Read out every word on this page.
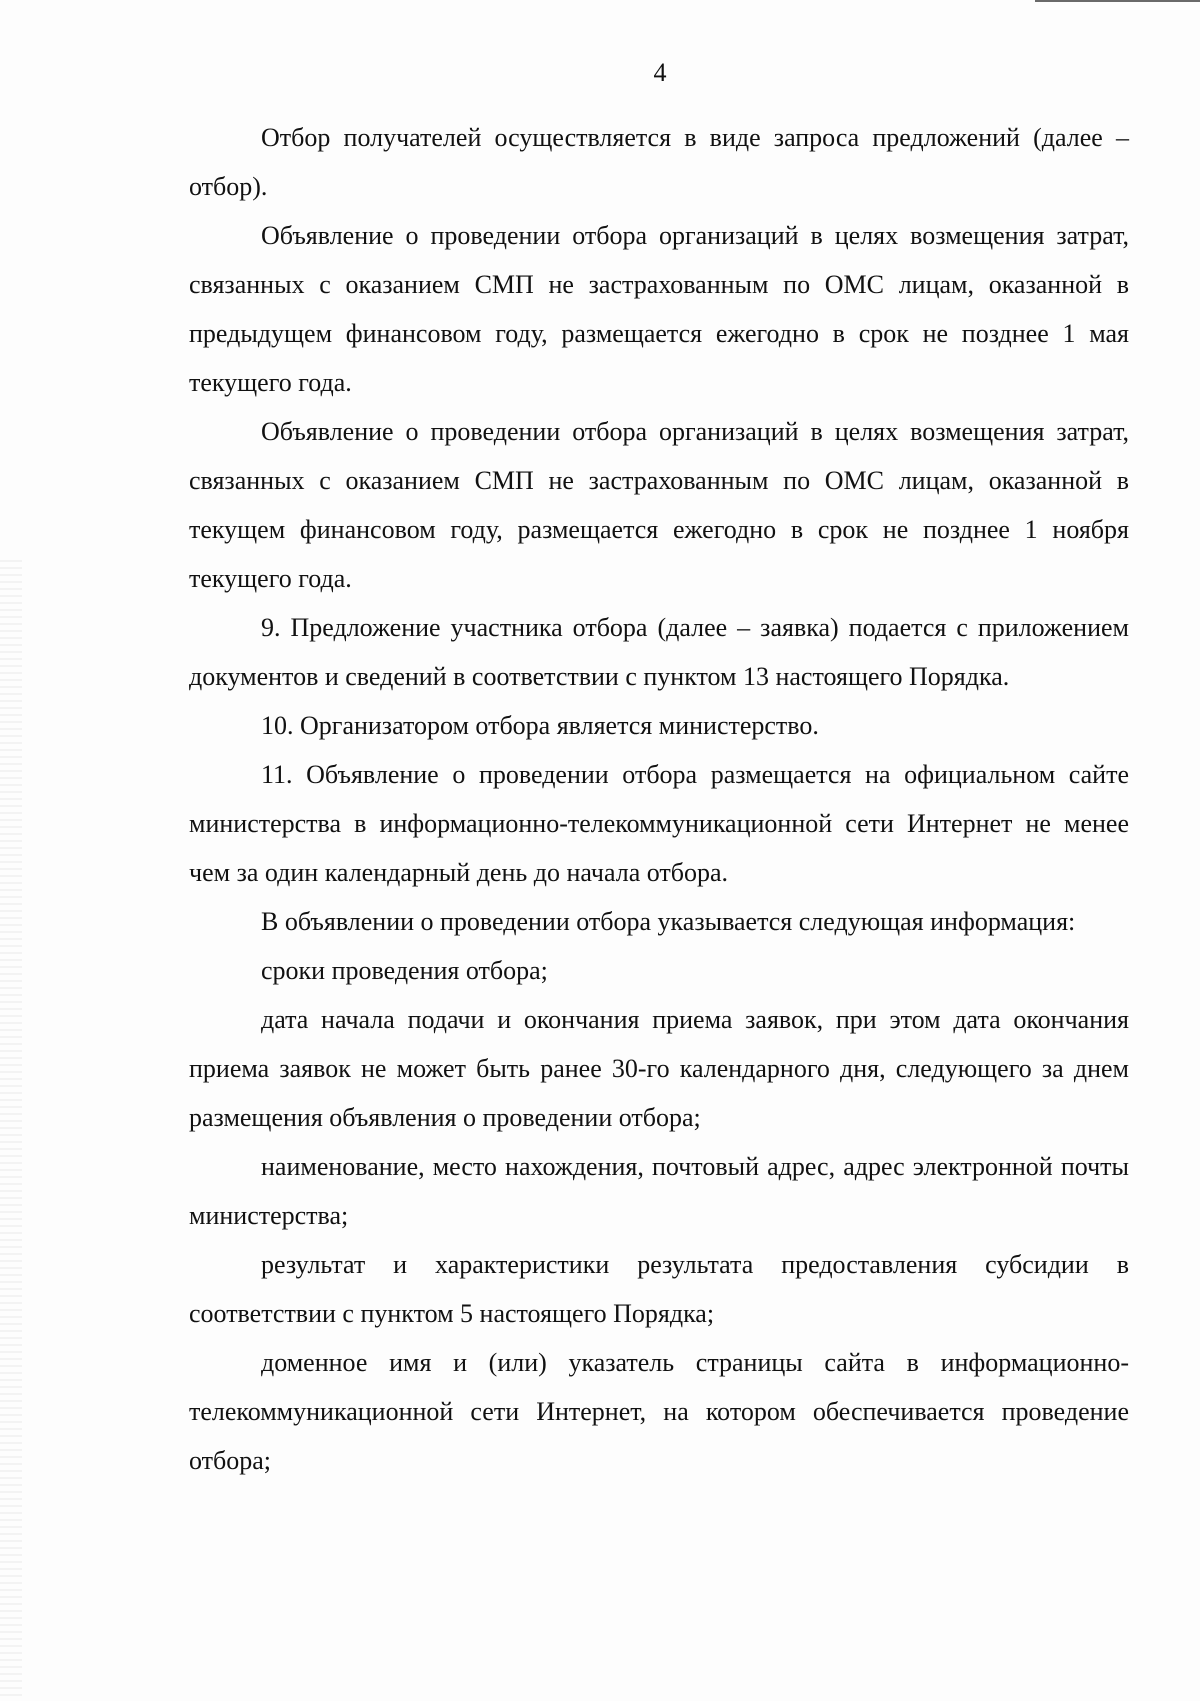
4

Отбор получателей осуществляется в виде запроса предложений (далее – отбор).

Объявление о проведении отбора организаций в целях возмещения затрат, связанных с оказанием СМП не застрахованным по ОМС лицам, оказанной в предыдущем финансовом году, размещается ежегодно в срок не позднее 1 мая текущего года.

Объявление о проведении отбора организаций в целях возмещения затрат, связанных с оказанием СМП не застрахованным по ОМС лицам, оказанной в текущем финансовом году, размещается ежегодно в срок не позднее 1 ноября текущего года.

9. Предложение участника отбора (далее – заявка) подается с приложением документов и сведений в соответствии с пунктом 13 настоящего Порядка.

10. Организатором отбора является министерство.

11. Объявление о проведении отбора размещается на официальном сайте министерства в информационно-телекоммуникационной сети Интернет не менее чем за один календарный день до начала отбора.

В объявлении о проведении отбора указывается следующая информация:

сроки проведения отбора;

дата начала подачи и окончания приема заявок, при этом дата окончания приема заявок не может быть ранее 30-го календарного дня, следующего за днем размещения объявления о проведении отбора;

наименование, место нахождения, почтовый адрес, адрес электронной почты министерства;

результат и характеристики результата предоставления субсидии в соответствии с пунктом 5 настоящего Порядка;

доменное имя и (или) указатель страницы сайта в информационно-телекоммуникационной сети Интернет, на котором обеспечивается проведение отбора;
